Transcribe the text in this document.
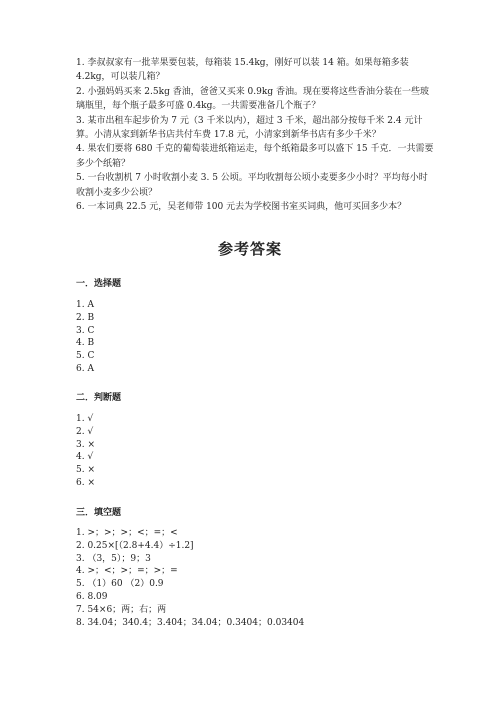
1. 李叔叔家有一批苹果要包装，每箱装 15.4kg，刚好可以装 14 箱。如果每箱多装 4.2kg，可以装几箱？

2. 小强妈妈买来 2.5kg 香油，爸爸又买来 0.9kg 香油。现在要将这些香油分装在一些玻璃瓶里，每个瓶子最多可盛 0.4kg。一共需要准备几个瓶子？

3. 某市出租车起步价为 7 元（3 千米以内），超过 3 千米，超出部分按每千米 2.4 元计算。小清从家到新华书店共付车费 17.8 元，小清家到新华书店有多少千米？

4. 果农们要将 680 千克的葡萄装进纸箱运走，每个纸箱最多可以盛下 15 千克．一共需要多少个纸箱？

5. 一台收割机 7 小时收割小麦 3. 5 公顷。平均收割每公顷小麦要多少小时？平均每小时收割小麦多少公顷？

6. 一本词典 22.5 元，吴老师带 100 元去为学校图书室买词典，他可买回多少本？

参考答案
一．选择题
1. A
2. B
3. C
4. B
5. C
6. A
二．判断题
1. √
2. √
3. ×
4. √
5. ×
6. ×
三．填空题
1. >；>；>；<；=；<
2. 0.25×[（2.8+4.4）÷1.2]
3. （3，5）；9；3
4. >；<；>；=；>；=
5. （1）60 （2）0.9
6. 8.09
7. 54×6；两；右；两
8. 34.04；340.4；3.404；34.04；0.3404；0.03404
